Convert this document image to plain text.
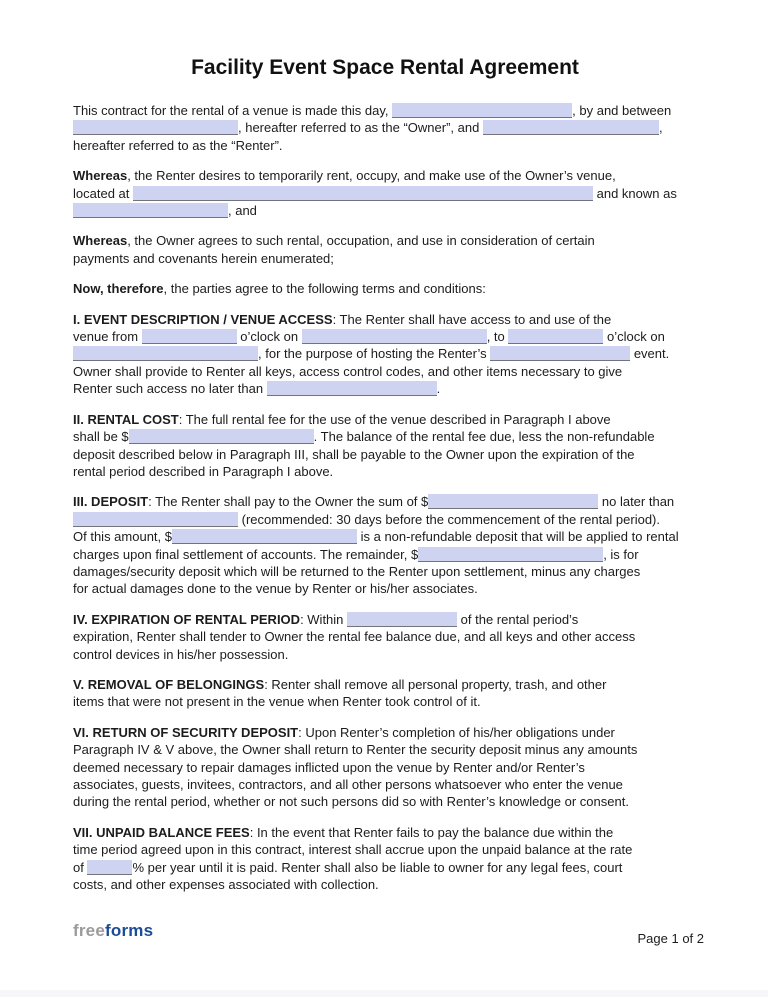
Facility Event Space Rental Agreement
This contract for the rental of a venue is made this day,	, by and between
, hereafter referred to as the “Owner”, and	,
hereafter referred to as the “Renter”.
Whereas, the Renter desires to temporarily rent, occupy, and make use of the Owner’s venue,
located at	and known as
, and
Whereas, the Owner agrees to such rental, occupation, and use in consideration of certain
payments and covenants herein enumerated;
Now, therefore, the parties agree to the following terms and conditions:
I. EVENT DESCRIPTION / VENUE ACCESS: The Renter shall have access to and use of the
venue from	o’clock on	, to	o’clock on
, for the purpose of hosting the Renter’s	event.
Owner shall provide to Renter all keys, access control codes, and other items necessary to give
Renter such access no later than	.
II. RENTAL COST: The full rental fee for the use of the venue described in Paragraph I above
shall be $	. The balance of the rental fee due, less the non-refundable
deposit described below in Paragraph III, shall be payable to the Owner upon the expiration of the
rental period described in Paragraph I above.
III. DEPOSIT: The Renter shall pay to the Owner the sum of $	no later than
(recommended: 30 days before the commencement of the rental period).
Of this amount, $	is a non-refundable deposit that will be applied to rental
charges upon final settlement of accounts. The remainder, $	, is for
damages/security deposit which will be returned to the Renter upon settlement, minus any charges
for actual damages done to the venue by Renter or his/her associates.
IV. EXPIRATION OF RENTAL PERIOD: Within	of the rental period’s
expiration, Renter shall tender to Owner the rental fee balance due, and all keys and other access
control devices in his/her possession.
V. REMOVAL OF BELONGINGS: Renter shall remove all personal property, trash, and other
items that were not present in the venue when Renter took control of it.
VI. RETURN OF SECURITY DEPOSIT: Upon Renter’s completion of his/her obligations under
Paragraph IV & V above, the Owner shall return to Renter the security deposit minus any amounts
deemed necessary to repair damages inflicted upon the venue by Renter and/or Renter’s
associates, guests, invitees, contractors, and all other persons whatsoever who enter the venue
during the rental period, whether or not such persons did so with Renter’s knowledge or consent.
VII. UNPAID BALANCE FEES: In the event that Renter fails to pay the balance due within the
time period agreed upon in this contract, interest shall accrue upon the unpaid balance at the rate
of	% per year until it is paid. Renter shall also be liable to owner for any legal fees, court
costs, and other expenses associated with collection.
freeforms	Page 1 of 2
